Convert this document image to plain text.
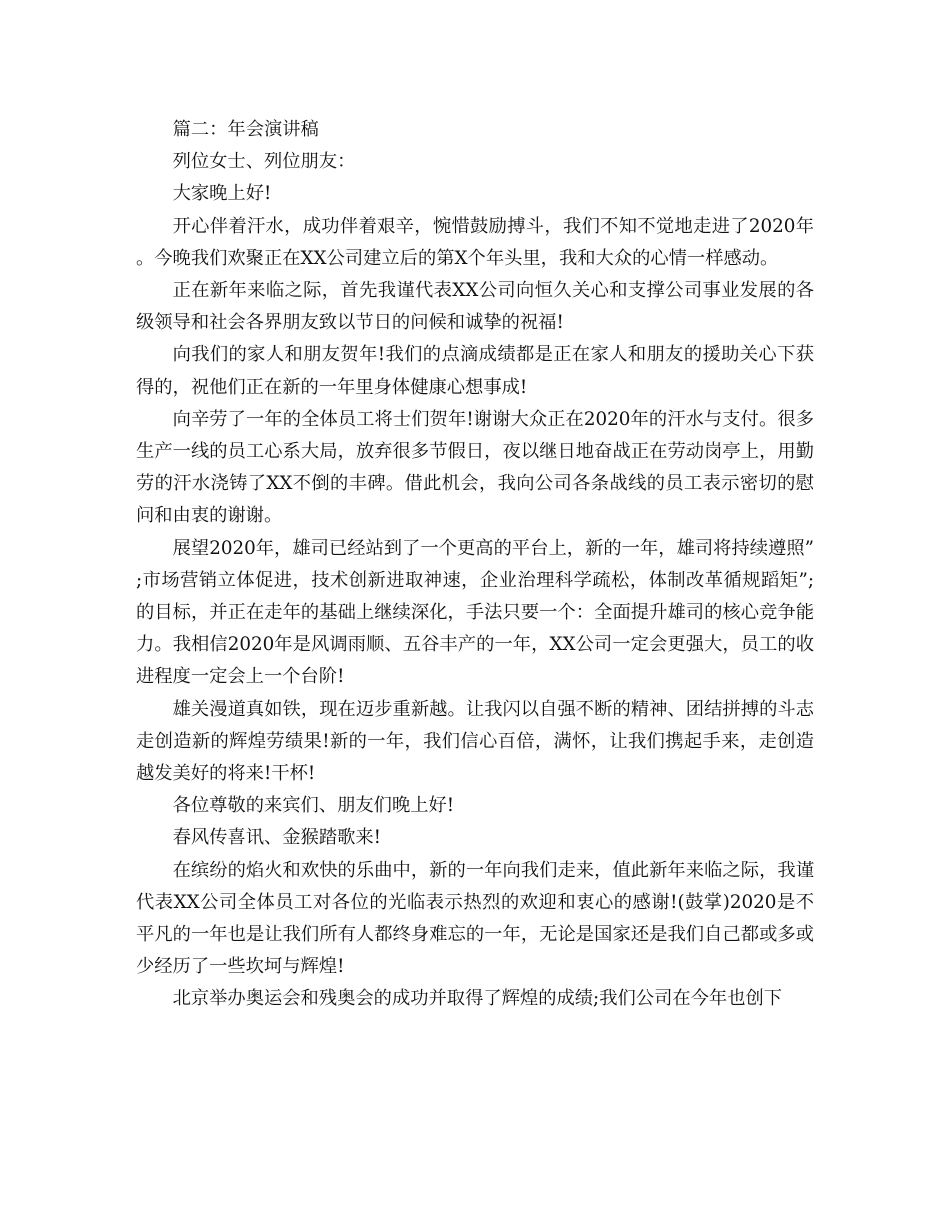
篇二：年会演讲稿

列位女士、列位朋友：

大家晚上好!

开心伴着汗水，成功伴着艰辛，惋惜鼓励搏斗，我们不知不觉地走进了2020年。今晚我们欢聚正在XX公司建立后的第X个年头里，我和大众的心情一样感动。

正在新年来临之际，首先我谨代表XX公司向恒久关心和支撑公司事业发展的各级领导和社会各界朋友致以节日的问候和诚挚的祝福!

向我们的家人和朋友贺年!我们的点滴成绩都是正在家人和朋友的援助关心下获得的，祝他们正在新的一年里身体健康心想事成!

向辛劳了一年的全体员工将士们贺年!谢谢大众正在2020年的汗水与支付。很多生产一线的员工心系大局，放弃很多节假日，夜以继日地奋战正在劳动岗亭上，用勤劳的汗水浇铸了XX不倒的丰碑。借此机会，我向公司各条战线的员工表示密切的慰问和由衷的谢谢。

展望2020年，雄司已经站到了一个更高的平台上，新的一年，雄司将持续遵照”;市场营销立体促进，技术创新进取神速，企业治理科学疏松，体制改革循规蹈矩”;的目标，并正在走年的基础上继续深化，手法只要一个：全面提升雄司的核心竞争能力。我相信2020年是风调雨顺、五谷丰产的一年，XX公司一定会更强大，员工的收进程度一定会上一个台阶!

雄关漫道真如铁，现在迈步重新越。让我闪以自强不断的精神、团结拼搏的斗志走创造新的辉煌劳绩果!新的一年，我们信心百倍，满怀，让我们携起手来，走创造越发美好的将来!干杯!

各位尊敬的来宾们、朋友们晚上好!

春风传喜讯、金猴踏歌来!

在缤纷的焰火和欢快的乐曲中，新的一年向我们走来，值此新年来临之际，我谨代表XX公司全体员工对各位的光临表示热烈的欢迎和衷心的感谢!(鼓掌)2020是不平凡的一年也是让我们所有人都终身难忘的一年，无论是国家还是我们自己都或多或少经历了一些坎坷与辉煌!

北京举办奥运会和残奥会的成功并取得了辉煌的成绩;我们公司在今年也创下
